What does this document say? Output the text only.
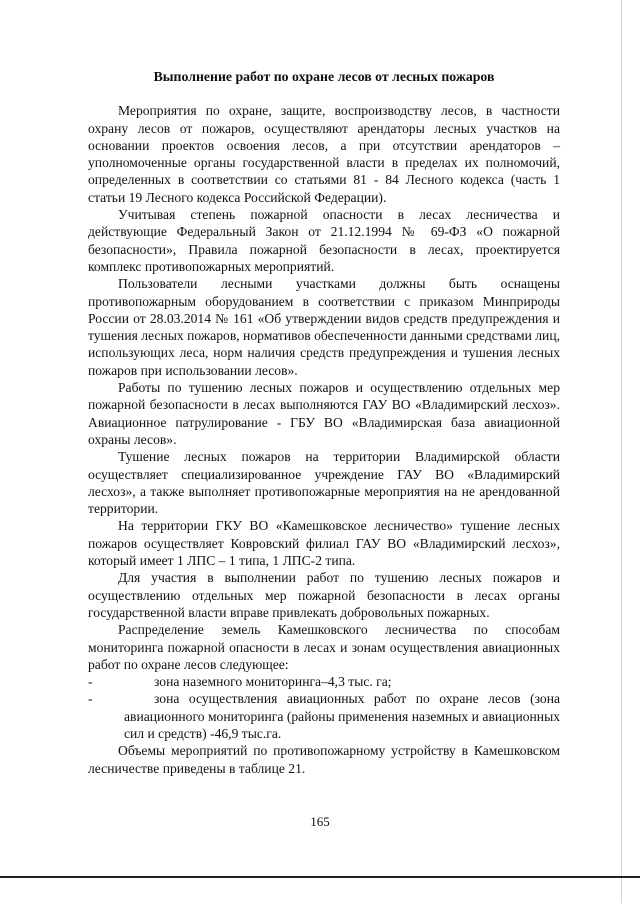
Выполнение работ по охране лесов от лесных пожаров

Мероприятия по охране, защите, воспроизводству лесов, в частности охрану лесов от пожаров, осуществляют арендаторы лесных участков на основании проектов освоения лесов, а при отсутствии арендаторов – уполномоченные органы государственной власти в пределах их полномочий, определенных в соответствии со статьями 81 - 84 Лесного кодекса (часть 1 статьи 19 Лесного кодекса Российской Федерации).

Учитывая степень пожарной опасности в лесах лесничества и действующие Федеральный Закон от 21.12.1994 № 69-ФЗ «О пожарной безопасности», Правила пожарной безопасности в лесах, проектируется комплекс противопожарных мероприятий.

Пользователи лесными участками должны быть оснащены противопожарным оборудованием в соответствии с приказом Минприроды России от 28.03.2014 № 161 «Об утверждении видов средств предупреждения и тушения лесных пожаров, нормативов обеспеченности данными средствами лиц, использующих леса, норм наличия средств предупреждения и тушения лесных пожаров при использовании лесов».

Работы по тушению лесных пожаров и осуществлению отдельных мер пожарной безопасности в лесах выполняются ГАУ ВО «Владимирский лесхоз». Авиационное патрулирование - ГБУ ВО «Владимирская база авиационной охраны лесов».

Тушение лесных пожаров на территории Владимирской области осуществляет специализированное учреждение ГАУ ВО «Владимирский лесхоз», а также выполняет противопожарные мероприятия на не арендованной территории.

На территории ГКУ ВО «Камешковское лесничество» тушение лесных пожаров осуществляет Ковровский филиал ГАУ ВО «Владимирский лесхоз», который имеет 1 ЛПС – 1 типа, 1 ЛПС-2 типа.

Для участия в выполнении работ по тушению лесных пожаров и осуществлению отдельных мер пожарной безопасности в лесах органы государственной власти вправе привлекать добровольных пожарных.

Распределение земель Камешковского лесничества по способам мониторинга пожарной опасности в лесах и зонам осуществления авиационных работ по охране лесов следующее:

-	зона наземного мониторинга–4,3 тыс. га;
-	зона осуществления авиационных работ по охране лесов (зона авиационного мониторинга (районы применения наземных и авиационных сил и средств) -46,9 тыс.га.

Объемы мероприятий по противопожарному устройству в Камешковском лесничестве приведены в таблице 21.

165
